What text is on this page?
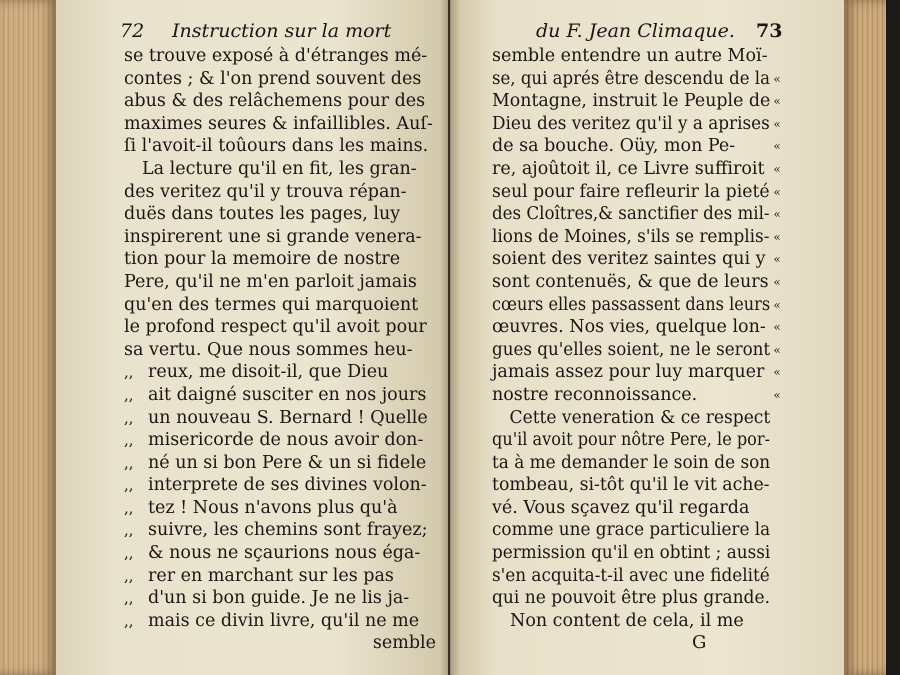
72	Instruction sur la mort
se trouve exposé à d'étranges mé-
contes ; & l'on prend souvent des
abus & des relâchemens pour des
maximes seures & infaillibles. Auſ-
ſi l'avoit-il toûours dans les mains.
La lecture qu'il en fit, les gran-
des veritez qu'il y trouva répan-
duës dans toutes les pages, luy
inspirerent une si grande venera-
tion pour la memoire de nostre
Pere, qu'il ne m'en parloit jamais
qu'en des termes qui marquoient
le profond respect qu'il avoit pour
sa vertu. Que nous sommes heu-
,, reux, me disoit-il, que Dieu
,, ait daigné susciter en nos jours
,, un nouveau S. Bernard ! Quelle
,, misericorde de nous avoir don-
,, né un si bon Pere & un si fidele
,, interprete de ses divines volon-
,, tez ! Nous n'avons plus qu'à
,, suivre, les chemins sont frayez;
,, & nous ne sçaurions nous éga-
,, rer en marchant sur les pas
,, d'un si bon guide. Je ne lis ja-
,, mais ce divin livre, qu'il ne me
semble
du F. Jean Climaque. 73
semble entendre un autre Moï-
se, qui aprés être descendu de la
Montagne, instruit le Peuple de
Dieu des veritez qu'il y a aprises
de sa bouche. Oüy, mon Pe-
re, ajoûtoit il, ce Livre suffiroit
seul pour faire refleurir la pieté
des Cloîtres,& sanctifier des mil-
lions de Moines, s'ils se remplis-
soient des veritez saintes qui y
sont contenuës, & que de leurs
cœurs elles passassent dans leurs
œuvres. Nos vies, quelque lon-
gues qu'elles soient, ne le seront
jamais assez pour luy marquer
nostre reconnoissance.
Cette veneration & ce respect
qu'il avoit pour nôtre Pere, le por-
ta à me demander le soin de son
tombeau, si-tôt qu'il le vit ache-
vé. Vous sçavez qu'il regarda
comme une grace particuliere la
permission qu'il en obtint ; aussi
s'en acquita-t-il avec une fidelité
qui ne pouvoit être plus grande.
Non content de cela, il me
«
«
«
«
«
«
«
«
«
«
«
«
«
«
«
G
